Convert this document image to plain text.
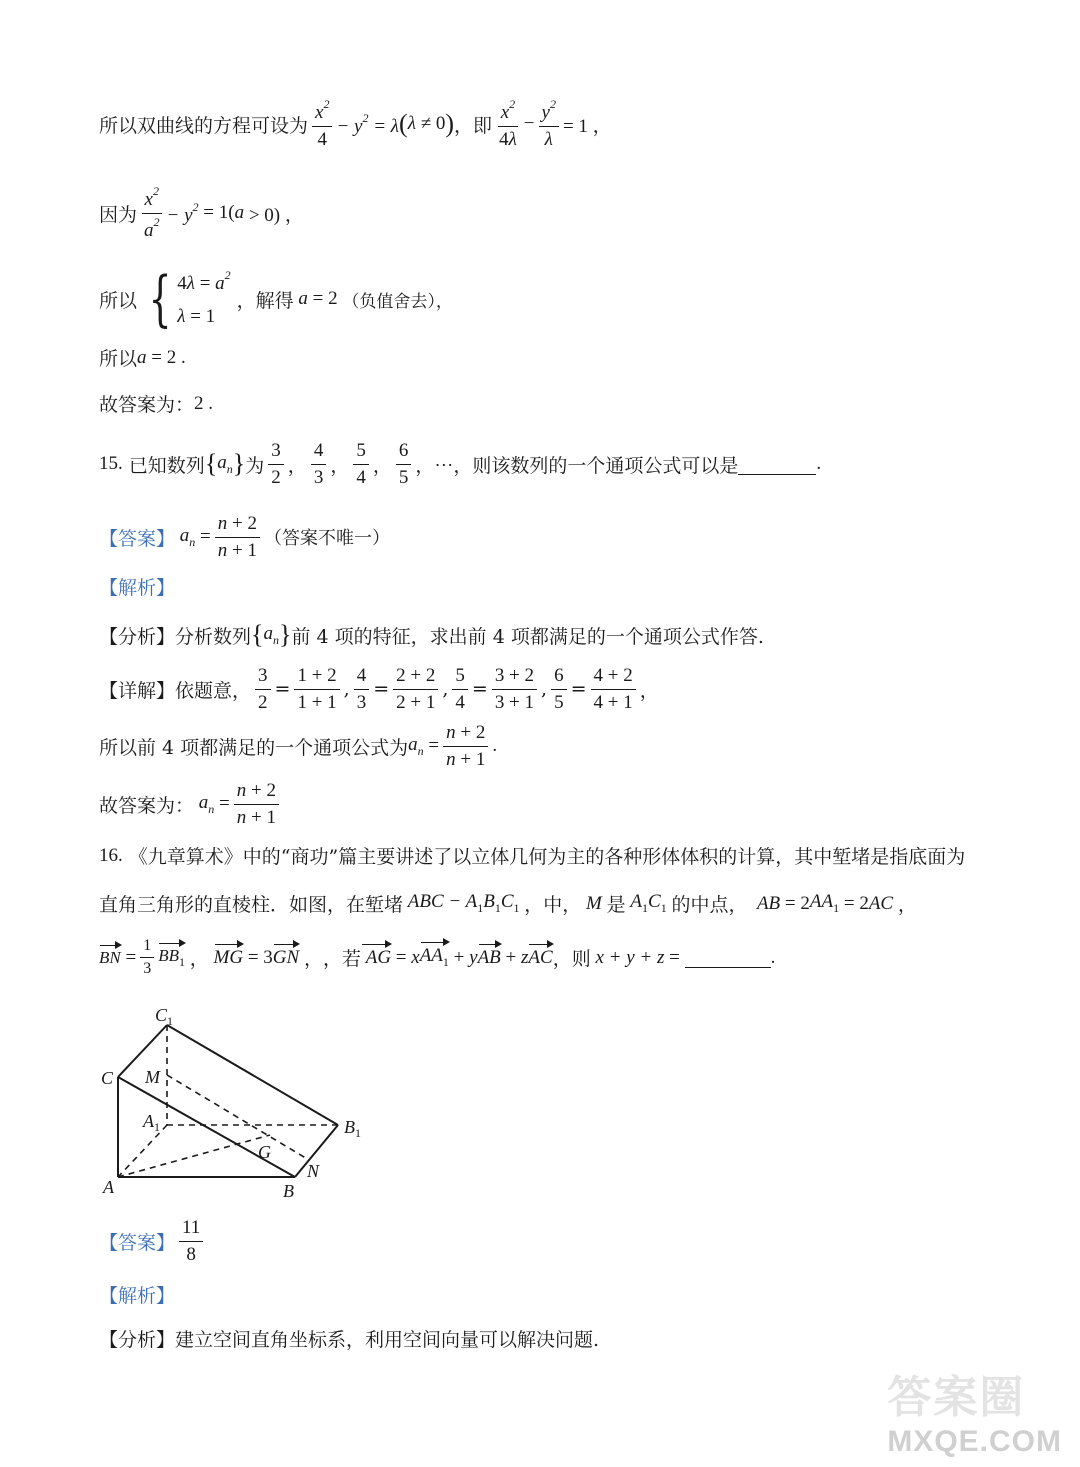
所以双曲线的方程可设为 $\frac{x^2}{4} - y^2 = \lambda$ ( λ ≠ 0 ) ，即 $\frac{x^2}{4\lambda} - \frac{y^2}{\lambda} = 1$ ，
因为 $\frac{x^2}{a^2} - y^2 = 1$( a > 0) ，
所以 { $4\lambda = a^2$
λ = 1
，解得 a = 2 （负值舍去），
所以 a = 2 .
故答案为： 2 .
15.
已知数列 { $a_n$ } 为 $\frac{3}{2}$ ， $\frac{4}{3}$ ， $\frac{5}{4}$ ， $\frac{6}{5}$ ，⋯，则该数列的一个通项公式可以是	.
【答案】 $a_n = \frac{n + 2}{n + 1}$ （答案不唯一）
【解析】
【分析】 分析数列 { $a_n$ } 前 4 项的特征，求出前 4 项都满足的一个通项公式作答.
【详解】 依题意， $\frac{3}{2} = \frac{1 + 2}{1 + 1}$ , $\frac{4}{3} = \frac{2 + 2}{2 + 1}$ , $\frac{5}{4} = \frac{3 + 2}{3 + 1}$ , $\frac{6}{5} = \frac{4 + 2}{4 + 1}$ ，
所以前 4 项都满足的一个通项公式为 $a_n = \frac{n + 2}{n + 1}$ .
故答案为： $a_n = \frac{n + 2}{n + 1}$
16.
《九章算术》中的“商功”篇主要讲述了以立体几何为主的各种形体体积的计算，其中堑堵是指底面为
直角三角形的直棱柱．如图，在堑堵 ABC − $A_1B_1C_1$ ，中， M 是 $A_1C_1$ 的中点， AB = 2 $AA_1 = 2$ AC ，
BN = $\frac{1}{3} BB_1$ ， MG = 3 GN ， ，若 AG = x $AA_1 + y$ AB + z AC ，则 x + y + z =	.
$C_1$
C M
$A_1$	$B_1$
G
N
A	B
【答案】 $\frac{11}{8}$
【解析】
【分析】 建立空间直角坐标系，利用空间向量可以解决问题.
答案圈
MXQE.COM
